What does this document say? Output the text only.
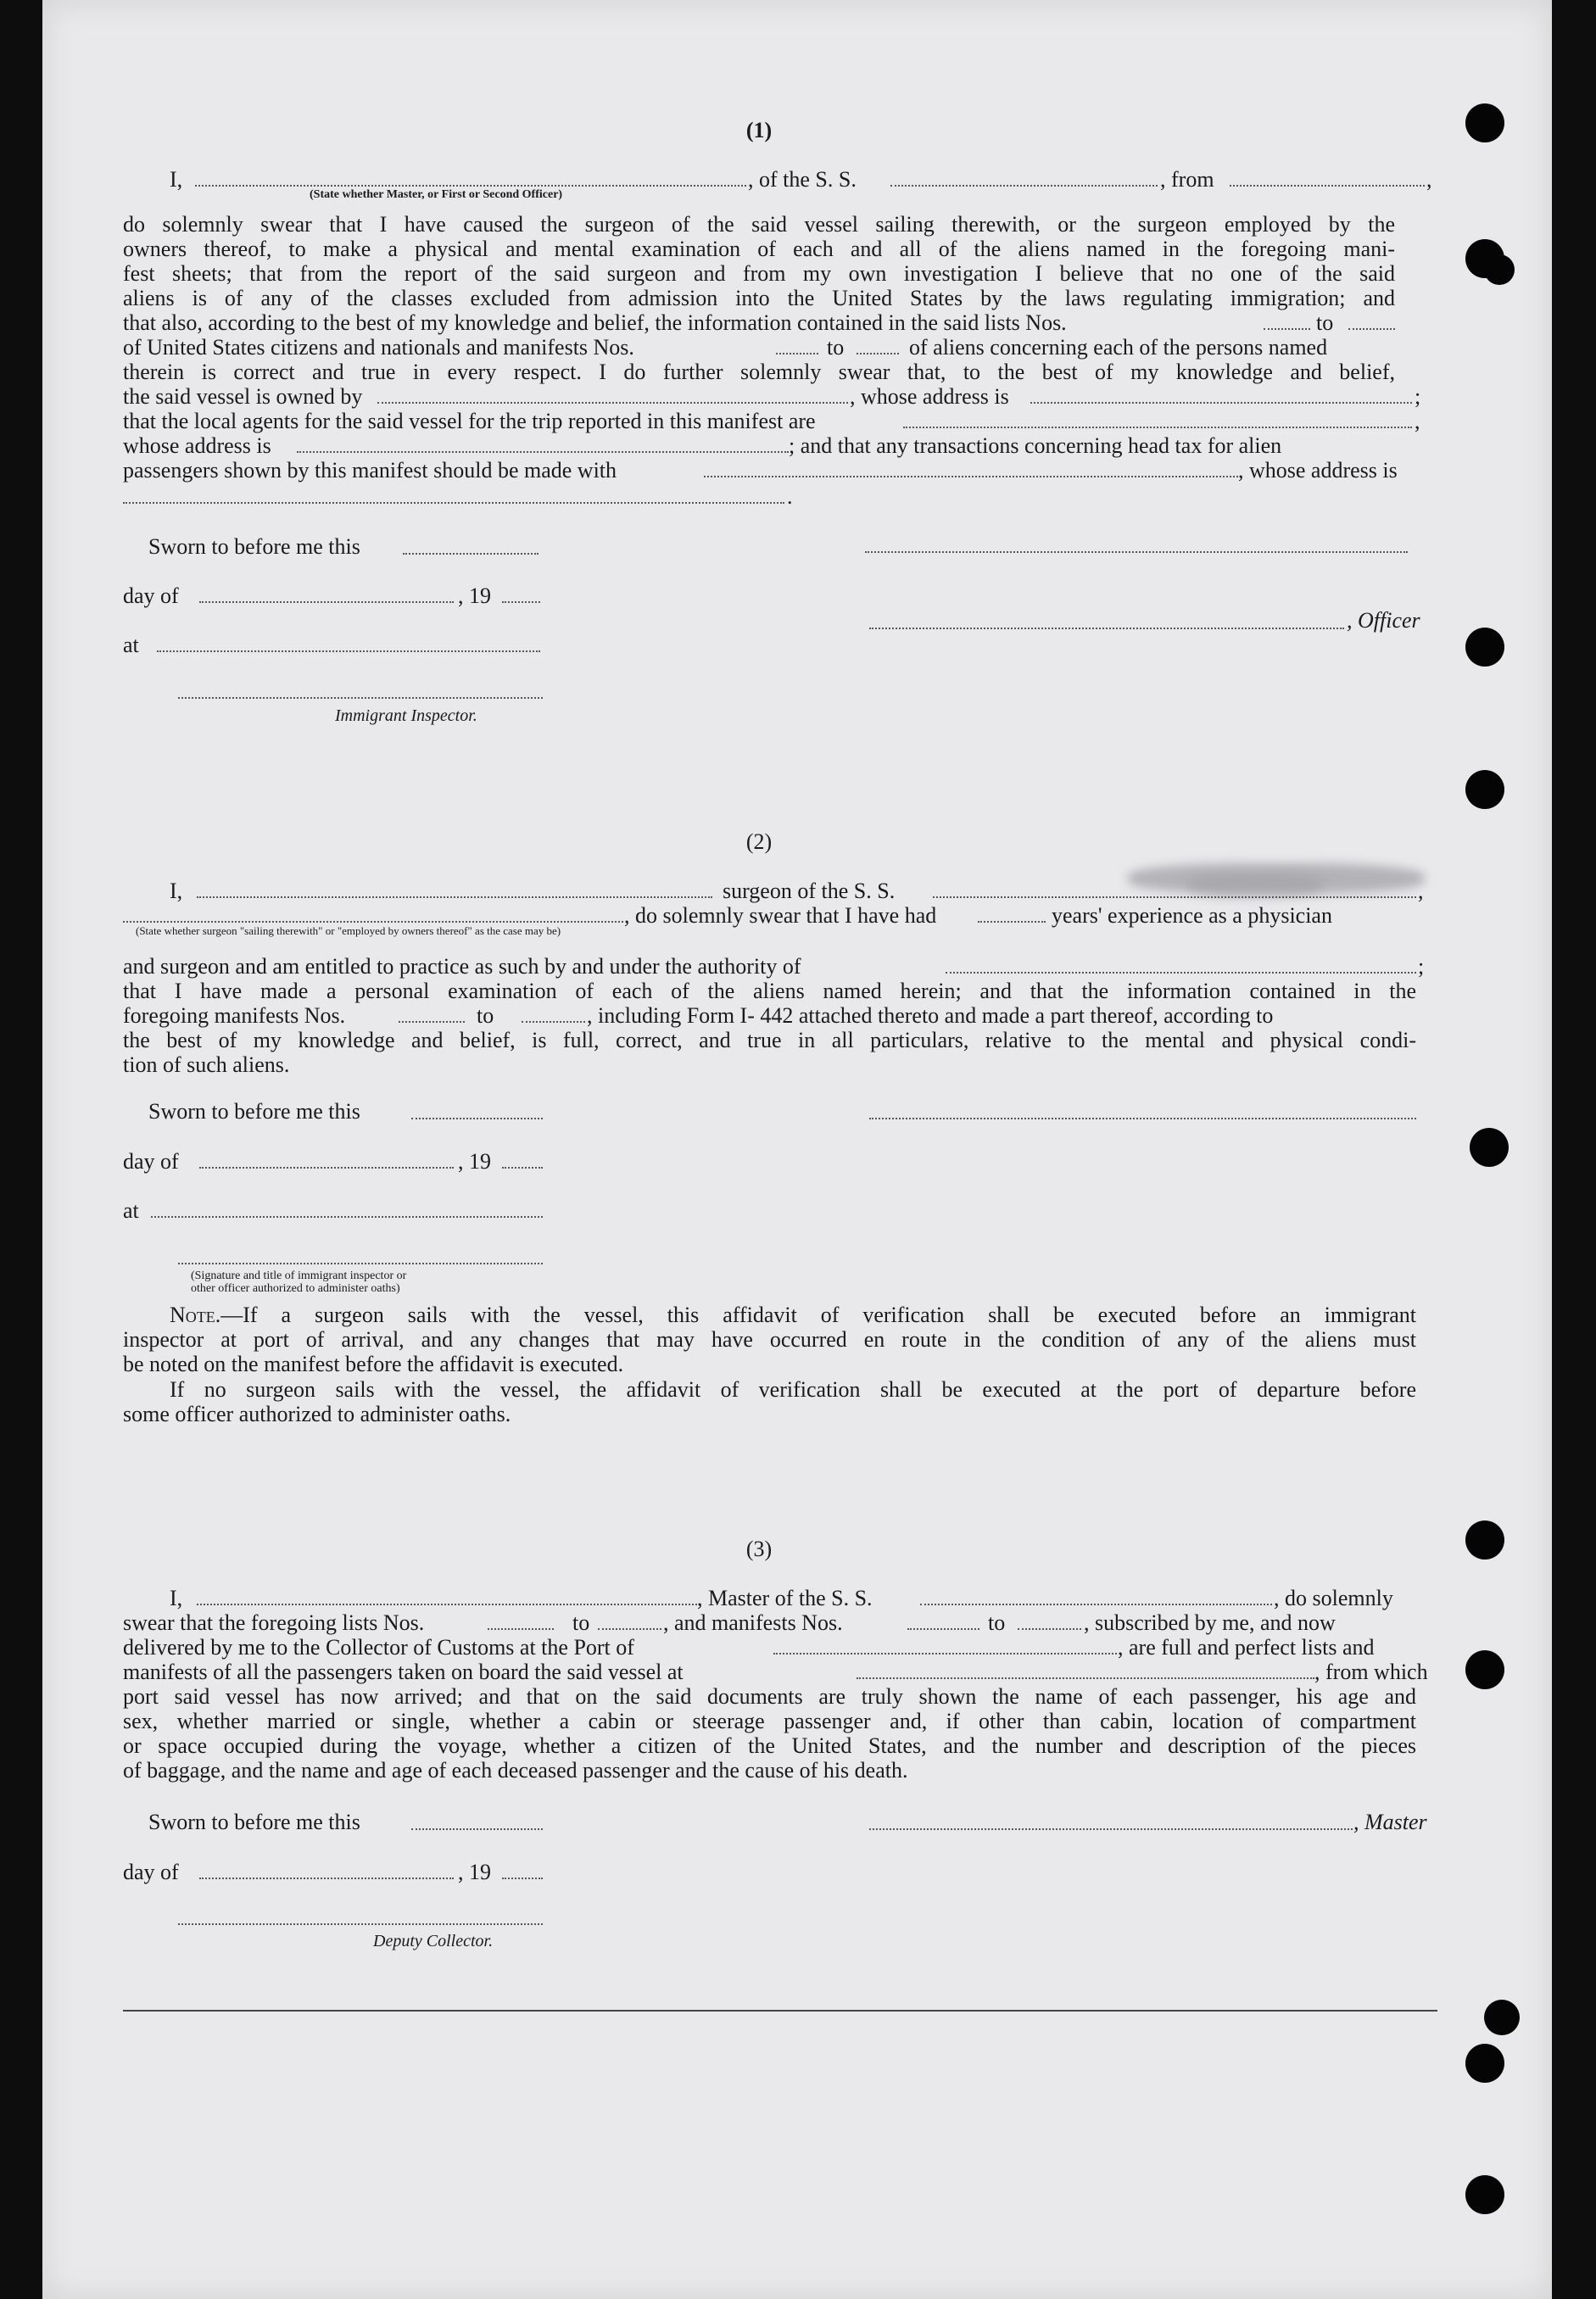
(1)
I,	, of the S. S.	, from	,
(State whether Master, or First or Second Officer)
do solemnly swear that I have caused the surgeon of the said vessel sailing therewith, or the surgeon employed by the
owners thereof, to make a physical and mental examination of each and all of the aliens named in the foregoing mani-
fest sheets; that from the report of the said surgeon and from my own investigation I believe that no one of the said
aliens is of any of the classes excluded from admission into the United States by the laws regulating immigration; and
that also, according to the best of my knowledge and belief, the information contained in the said lists Nos.	to
of United States citizens and nationals and manifests Nos.	to	of aliens concerning each of the persons named
therein is correct and true in every respect. I do further solemnly swear that, to the best of my knowledge and belief,
the said vessel is owned by	, whose address is	;
that the local agents for the said vessel for the trip reported in this manifest are	,
whose address is	; and that any transactions concerning head tax for alien
passengers shown by this manifest should be made with	, whose address is
.
Sworn to before me this
day of	, 19
, Officer
at
Immigrant Inspector.
(2)
I,	surgeon of the S. S.	,
, do solemnly swear that I have had	years' experience as a physician
(State whether surgeon "sailing therewith" or "employed by owners thereof" as the case may be)
and surgeon and am entitled to practice as such by and under the authority of	;
that I have made a personal examination of each of the aliens named herein; and that the information contained in the
foregoing manifests Nos.	to	, including Form I- 442 attached thereto and made a part thereof, according to
the best of my knowledge and belief, is full, correct, and true in all particulars, relative to the mental and physical condi-
tion of such aliens.
Sworn to before me this
day of	, 19
at
(Signature and title of immigrant inspector or
other officer authorized to administer oaths)
Note.—If a surgeon sails with the vessel, this affidavit of verification shall be executed before an immigrant
inspector at port of arrival, and any changes that may have occurred en route in the condition of any of the aliens must
be noted on the manifest before the affidavit is executed.
If no surgeon sails with the vessel, the affidavit of verification shall be executed at the port of departure before
some officer authorized to administer oaths.
(3)
I,	, Master of the S. S.	, do solemnly
swear that the foregoing lists Nos.	to	, and manifests Nos.	to	, subscribed by me, and now
delivered by me to the Collector of Customs at the Port of	, are full and perfect lists and
manifests of all the passengers taken on board the said vessel at	, from which
port said vessel has now arrived; and that on the said documents are truly shown the name of each passenger, his age and
sex, whether married or single, whether a cabin or steerage passenger and, if other than cabin, location of compartment
or space occupied during the voyage, whether a citizen of the United States, and the number and description of the pieces
of baggage, and the name and age of each deceased passenger and the cause of his death.
Sworn to before me this	, Master
day of	, 19
Deputy Collector.
